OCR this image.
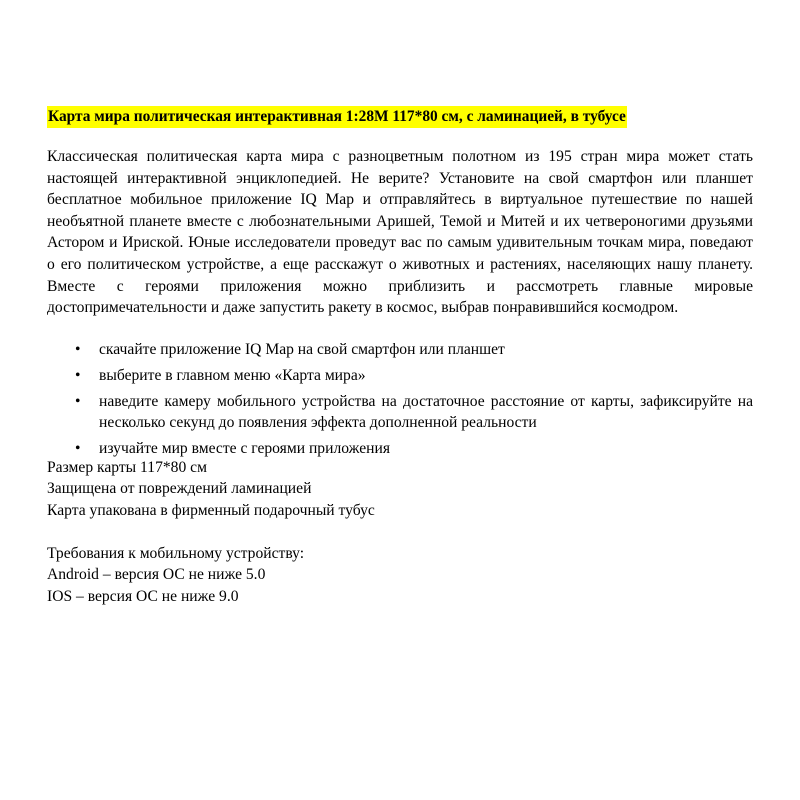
Карта мира политическая интерактивная 1:28M 117*80 см, с ламинацией, в тубусе

Классическая политическая карта мира с разноцветным полотном из 195 стран мира может стать настоящей интерактивной энциклопедией. Не верите? Установите на свой смартфон или планшет бесплатное мобильное приложение IQ Map и отправляйтесь в виртуальное путешествие по нашей необъятной планете вместе с любознательными Аришей, Темой и Митей и их четвероногими друзьями Астором и Ириской. Юные исследователи проведут вас по самым удивительным точкам мира, поведают о его политическом устройстве, а еще расскажут о животных и растениях, населяющих нашу планету. Вместе с героями приложения можно приблизить и рассмотреть главные мировые достопримечательности и даже запустить ракету в космос, выбрав понравившийся космодром.

• скачайте приложение IQ Map на свой смартфон или планшет
• выберите в главном меню «Карта мира»
• наведите камеру мобильного устройства на достаточное расстояние от карты, зафиксируйте на несколько секунд до появления эффекта дополненной реальности
• изучайте мир вместе с героями приложения
Размер карты 117*80 см
Защищена от повреждений ламинацией
Карта упакована в фирменный подарочный тубус
Требования к мобильному устройству:
Android – версия ОС не ниже 5.0
IOS – версия ОС не ниже 9.0
